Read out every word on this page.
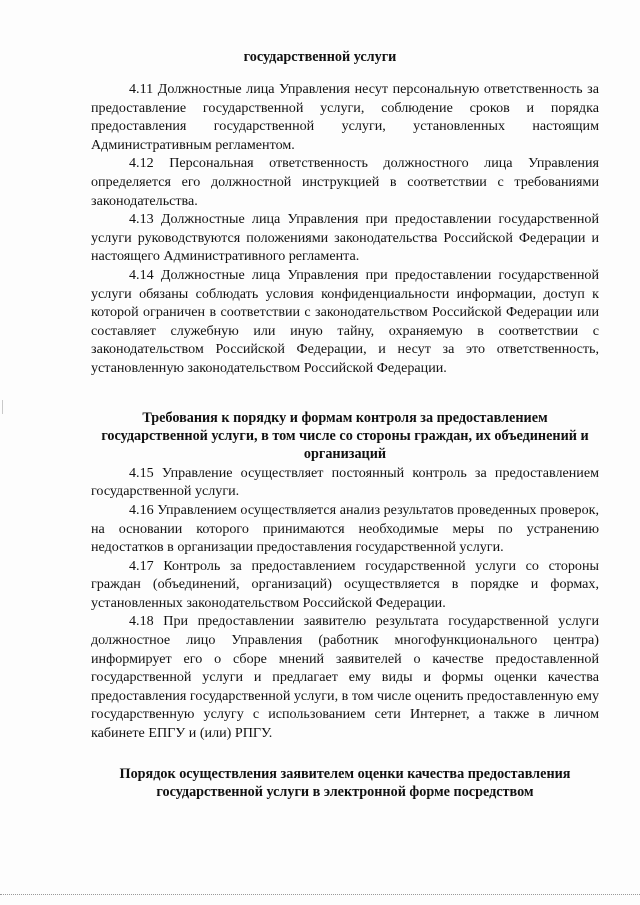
государственной услуги

4.11 Должностные лица Управления несут персональную ответственность за предоставление государственной услуги, соблюдение сроков и порядка предоставления государственной услуги, установленных настоящим Административным регламентом.

4.12 Персональная ответственность должностного лица Управления определяется его должностной инструкцией в соответствии с требованиями законодательства.

4.13 Должностные лица Управления при предоставлении государственной услуги руководствуются положениями законодательства Российской Федерации и настоящего Административного регламента.

4.14 Должностные лица Управления при предоставлении государственной услуги обязаны соблюдать условия конфиденциальности информации, доступ к которой ограничен в соответствии с законодательством Российской Федерации или составляет служебную или иную тайну, охраняемую в соответствии с законодательством Российской Федерации, и несут за это ответственность, установленную законодательством Российской Федерации.

Требования к порядку и формам контроля за предоставлением государственной услуги, в том числе со стороны граждан, их объединений и организаций

4.15 Управление осуществляет постоянный контроль за предоставлением государственной услуги.

4.16 Управлением осуществляется анализ результатов проведенных проверок, на основании которого принимаются необходимые меры по устранению недостатков в организации предоставления государственной услуги.

4.17 Контроль за предоставлением государственной услуги со стороны граждан (объединений, организаций) осуществляется в порядке и формах, установленных законодательством Российской Федерации.

4.18 При предоставлении заявителю результата государственной услуги должностное лицо Управления (работник многофункционального центра) информирует его о сборе мнений заявителей о качестве предоставленной государственной услуги и предлагает ему виды и формы оценки качества предоставления государственной услуги, в том числе оценить предоставленную ему государственную услугу с использованием сети Интернет, а также в личном кабинете ЕПГУ и (или) РПГУ.

Порядок осуществления заявителем оценки качества предоставления государственной услуги в электронной форме посредством
